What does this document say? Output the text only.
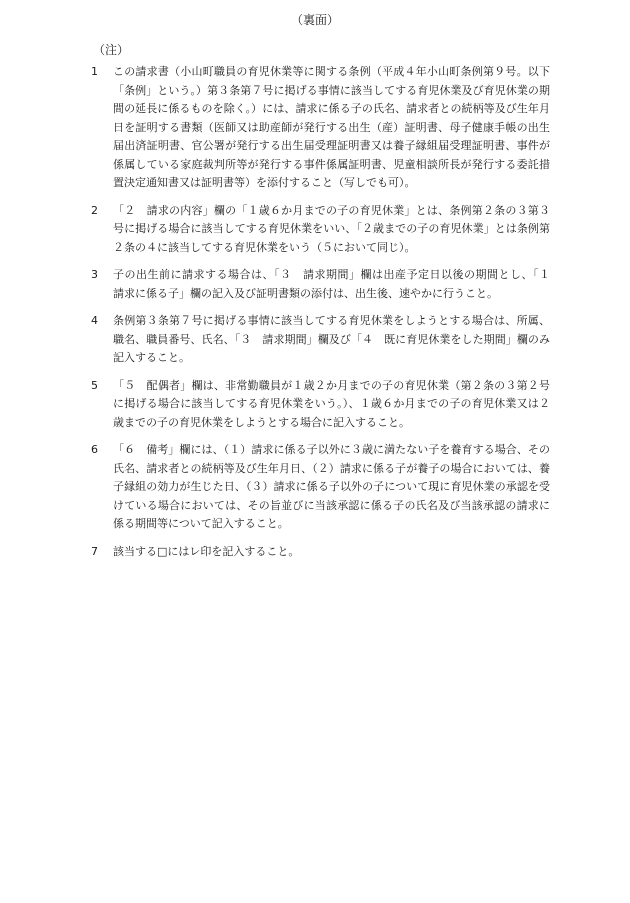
（裏面）
（注）
1	この請求書（小山町職員の育児休業等に関する条例（平成４年小山町条例第９号。以下「条例」という。）第３条第７号に掲げる事情に該当してする育児休業及び育児休業の期間の延長に係るものを除く。）には、請求に係る子の氏名、請求者との続柄等及び生年月日を証明する書類（医師又は助産師が発行する出生（産）証明書、母子健康手帳の出生届出済証明書、官公署が発行する出生届受理証明書又は養子縁組届受理証明書、事件が係属している家庭裁判所等が発行する事件係属証明書、児童相談所長が発行する委託措置決定通知書又は証明書等）を添付すること（写しでも可）。
2	「２　請求の内容」欄の「１歳６か月までの子の育児休業」とは、条例第２条の３第３号に掲げる場合に該当してする育児休業をいい、「２歳までの子の育児休業」とは条例第２条の４に該当してする育児休業をいう（５において同じ）。
3	子の出生前に請求する場合は、「３　請求期間」欄は出産予定日以後の期間とし、「１　請求に係る子」欄の記入及び証明書類の添付は、出生後、速やかに行うこと。
4	条例第３条第７号に掲げる事情に該当してする育児休業をしようとする場合は、所属、職名、職員番号、氏名、「３　請求期間」欄及び「４　既に育児休業をした期間」欄のみ記入すること。
5	「５　配偶者」欄は、非常勤職員が１歳２か月までの子の育児休業（第２条の３第２号に掲げる場合に該当してする育児休業をいう。）、１歳６か月までの子の育児休業又は２歳までの子の育児休業をしようとする場合に記入すること。
6	「６　備考」欄には、（１）請求に係る子以外に３歳に満たない子を養育する場合、その氏名、請求者との続柄等及び生年月日、（２）請求に係る子が養子の場合においては、養子縁組の効力が生じた日、（３）請求に係る子以外の子について現に育児休業の承認を受けている場合においては、その旨並びに当該承認に係る子の氏名及び当該承認の請求に係る期間等について記入すること。
7	該当する□にはレ印を記入すること。
